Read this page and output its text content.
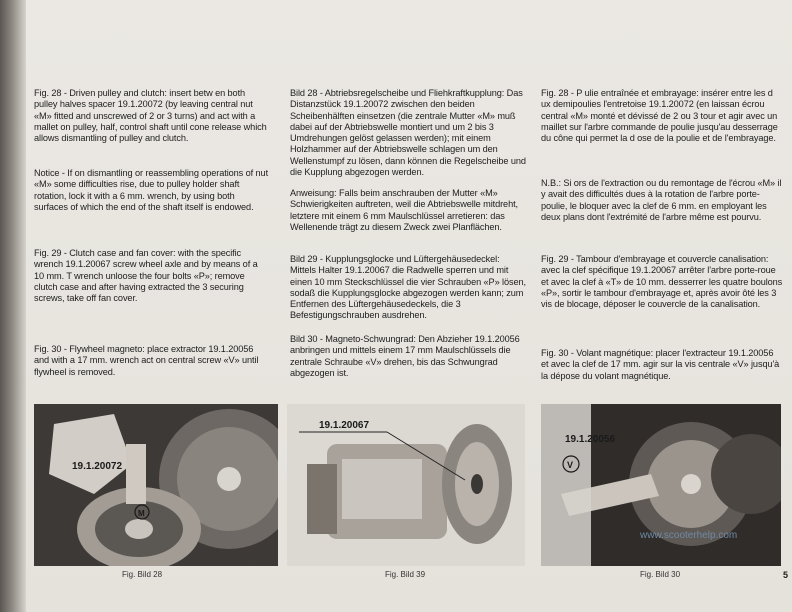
Fig. 28 - Driven pulley and clutch: insert betw en both pulley halves spacer 19.1.20072 (by leaving central nut «M» fitted and unscrewed of 2 or 3 turns) and act with a mallet on pulley, half, control shaft until cone release which allows dismantling of pulley and clutch.

Notice - If on dismantling or reassembling operations of nut «M» some difficulties rise, due to pulley holder shaft rotation, lock it with a 6 mm. wrench, by using both surfaces of which the end of the shaft itself is endowed.

Fig. 29 - Clutch case and fan cover: with the specific wrench 19.1.20067 screw wheel axle and by means of a 10 mm. T wrench unloose the four bolts «P»; remove clutch case and after having extracted the 3 securing screws, take off fan cover.

Fig. 30 - Flywheel magneto: place extractor 19.1.20056 and with a 17 mm. wrench act on central screw «V» until flywheel is removed.

Bild 28 - Abtriebsregelscheibe und Fliehkraftkupplung: Das Distanzstück 19.1.20072 zwischen den beiden Scheibenhälften einsetzen (die zentrale Mutter «M» muß dabei auf der Abtriebswelle montiert und um 2 bis 3 Umdrehungen gelöst gelassen werden); mit einem Holzhammer auf der Abtriebswelle schlagen um den Wellenstumpf zu lösen, dann können die Regelscheibe und die Kupplung abgezogen werden.

Anweisung: Falls beim anschrauben der Mutter «M» Schwierigkeiten auftreten, weil die Abtriebswelle mitdreht, letztere mit einem 6 mm Maulschlüssel arretieren: das Wellenende trägt zu diesem Zweck zwei Planflächen.

Bild 29 - Kupplungsglocke und Lüftergehäusedeckel: Mittels Halter 19.1.20067 die Radwelle sperren und mit einen 10 mm Steckschlüssel die vier Schrauben «P» lösen, sodaß die Kupplungsglocke abgezogen werden kann; zum Entfernen des Lüftergehäusedeckels, die 3 Befestigungschrauben ausdrehen.

Bild 30 - Magneto-Schwungrad: Den Abzieher 19.1.20056 anbringen und mittels einem 17 mm Maulschlüssels die zentrale Schraube «V» drehen, bis das Schwungrad abgezogen ist.

Fig. 28 - P ulie entraînée et embrayage: insérer entre les d ux demipoulies l'entretoise 19.1.20072 (en laissan écrou central «M» monté et dévissé de 2 ou 3 tour et agir avec un maillet sur l'arbre commande de poulie jusqu'au desserrage du cône qui permet la d ose de la poulie et de l'embrayage.

N.B.: Si ors de l'extraction ou du remontage de l'écrou «M» il y avait des difficultés dues à la rotation de l'arbre porte-poulie, le bloquer avec la clef de 6 mm. en employant les deux plans dont l'extrémité de l'arbre même est pourvu.

Fig. 29 - Tambour d'embrayage et couvercle canalisation: avec la clef spécifique 19.1.20067 arrêter l'arbre porte-roue et avec la clef à «T» de 10 mm. desserrer les quatre boulons «P», sortir le tambour d'embrayage et, après avoir ôté les 3 vis de blocage, déposer le couvercle de la canalisation.

Fig. 30 - Volant magnétique: placer l'extracteur 19.1.20056 et avec la clef de 17 mm. agir sur la vis centrale «V» jusqu'à la dépose du volant magnétique.

19.1.20072
M
19.1.20067
19.1.20056
V
Fig. Bild 28	Fig. Bild 39	Fig. Bild 30
www.scooterhelp.com
5
